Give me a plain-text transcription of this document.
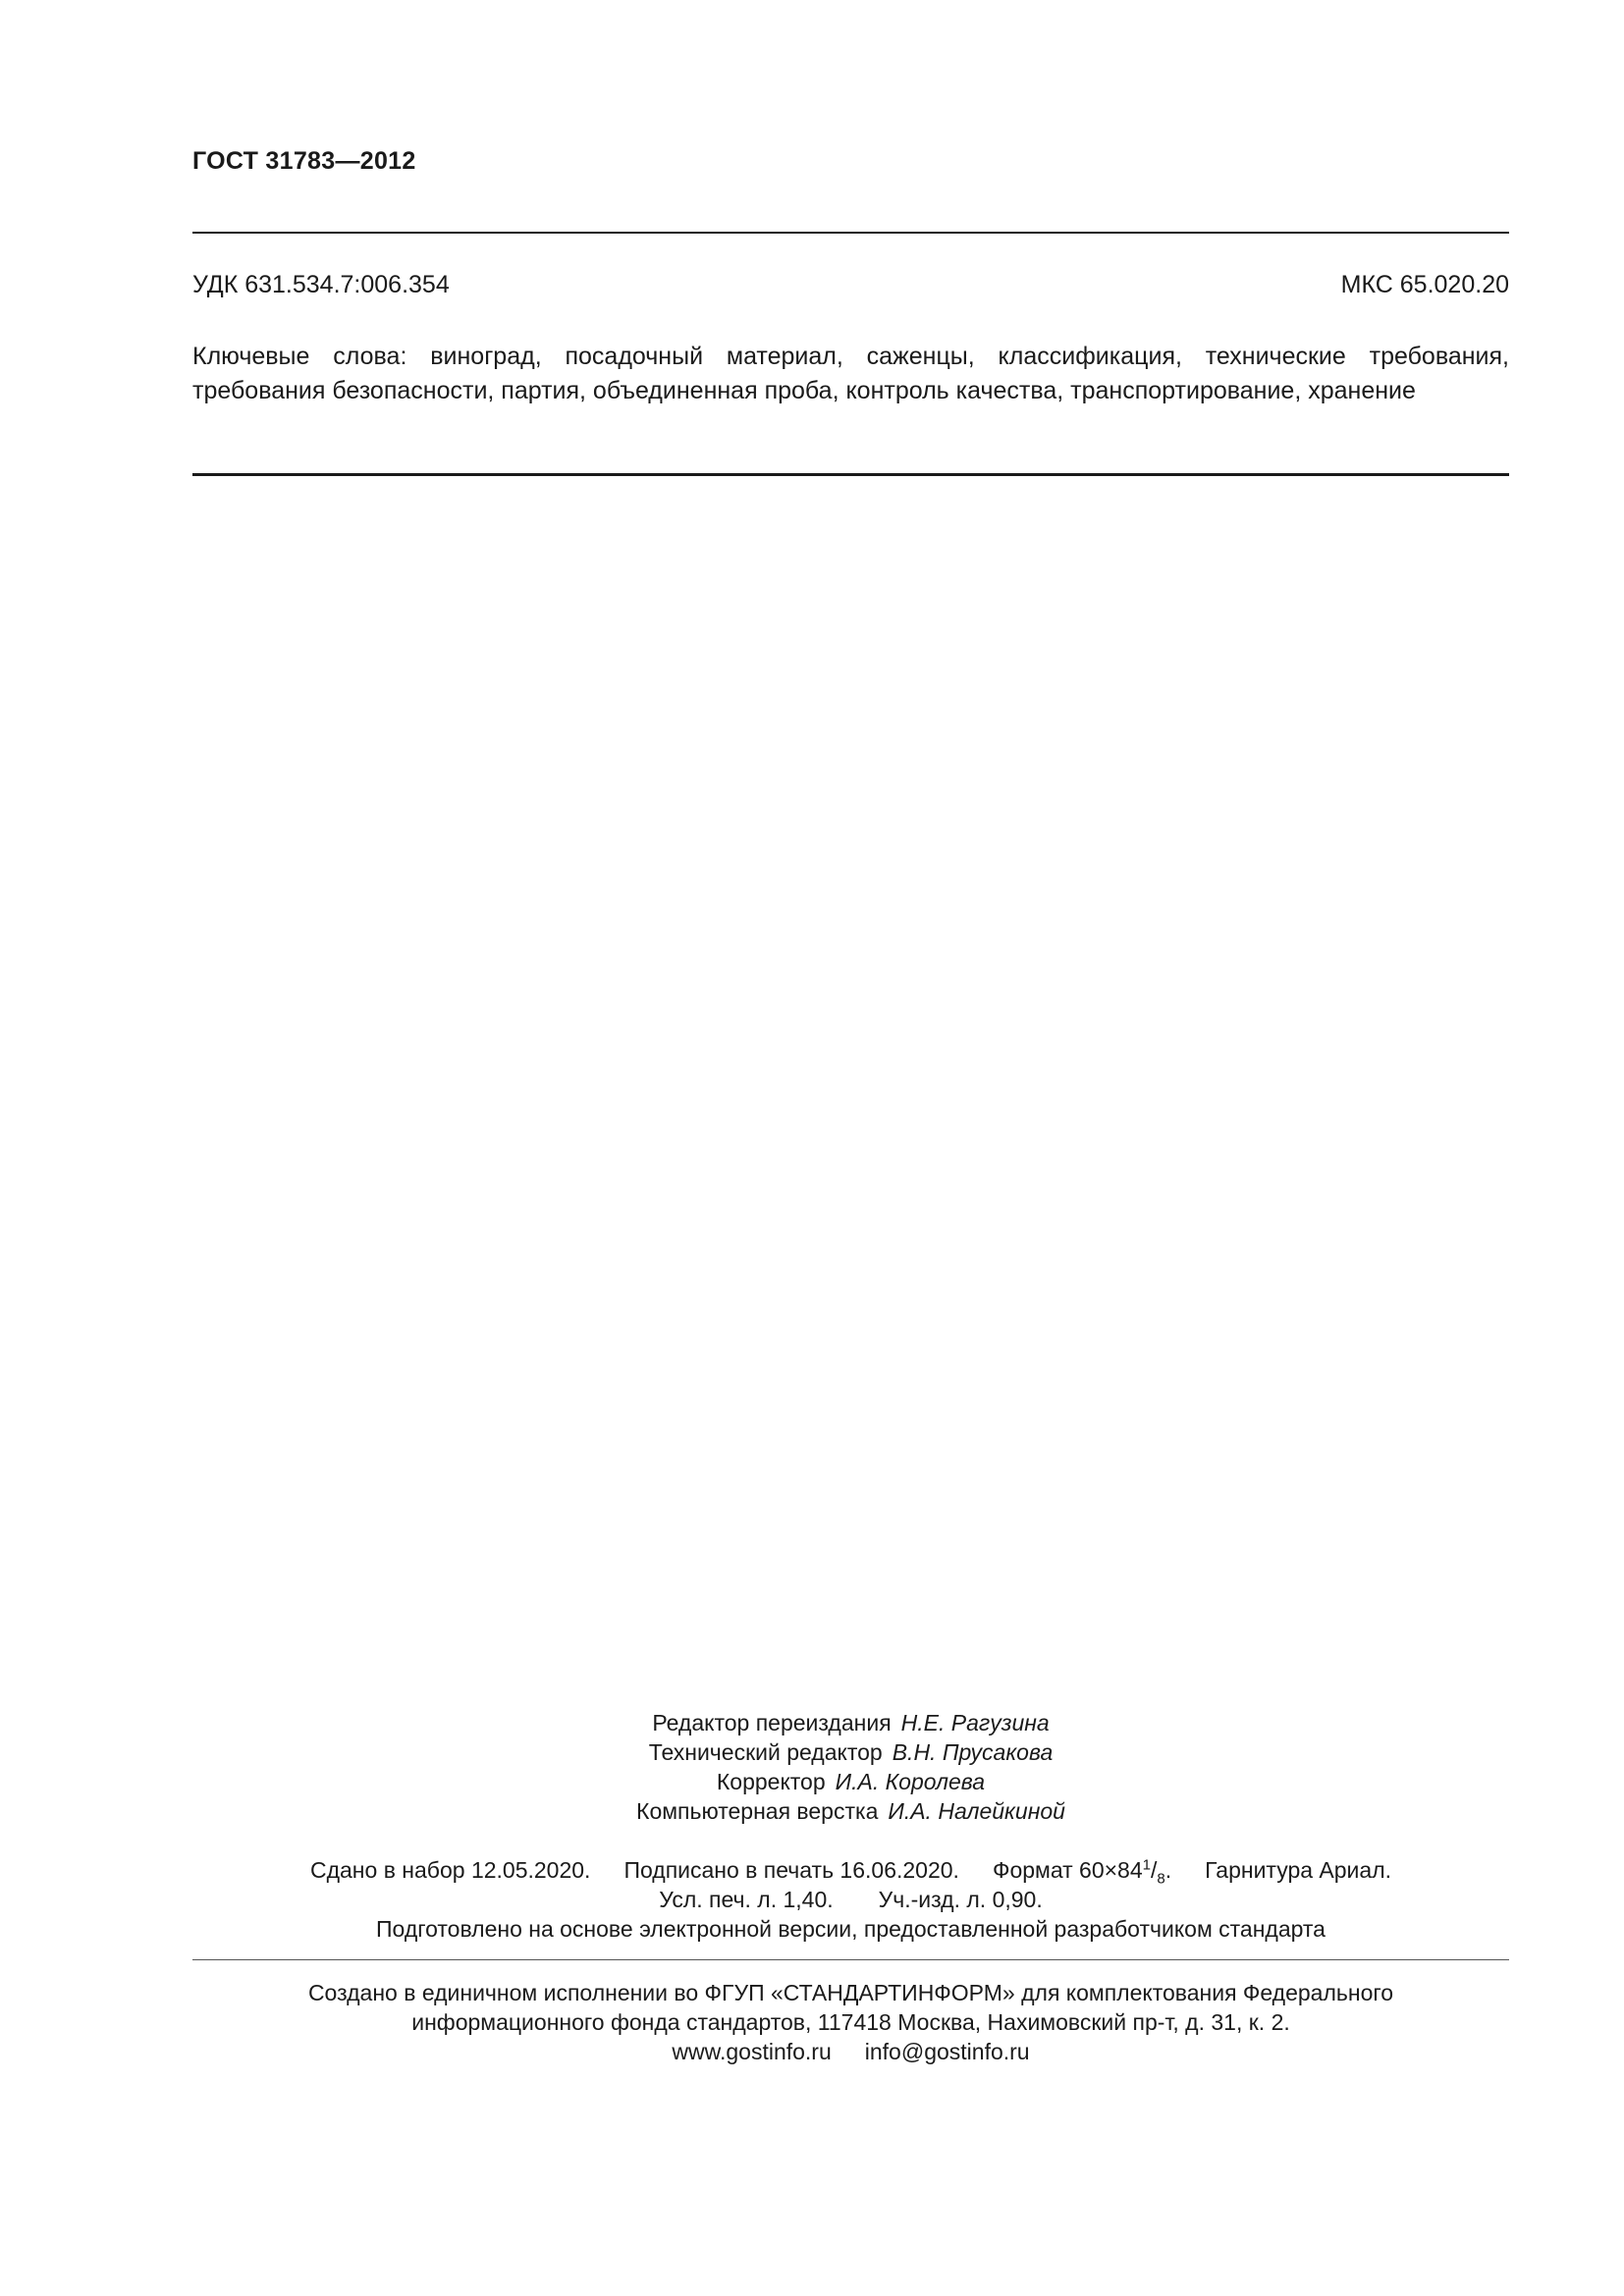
ГОСТ 31783—2012
УДК 631.534.7:006.354	МКС 65.020.20
Ключевые слова: виноград, посадочный материал, саженцы, классификация, технические требования, требования безопасности, партия, объединенная проба, контроль качества, транспортирование, хранение
Редактор переиздания Н.Е. Рагузина
Технический редактор В.Н. Прусакова
Корректор И.А. Королева
Компьютерная верстка И.А. Налейкиной
Сдано в набор 12.05.2020. Подписано в печать 16.06.2020. Формат $60\times 84^1/_8$. Гарнитура Ариал.
Усл. печ. л. 1,40. Уч.-изд. л. 0,90.
Подготовлено на основе электронной версии, предоставленной разработчиком стандарта
Создано в единичном исполнении во ФГУП «СТАНДАРТИНФОРМ» для комплектования Федерального
информационного фонда стандартов, 117418 Москва, Нахимовский пр-т, д. 31, к. 2.
www.gostinfo.ru info@gostinfo.ru
